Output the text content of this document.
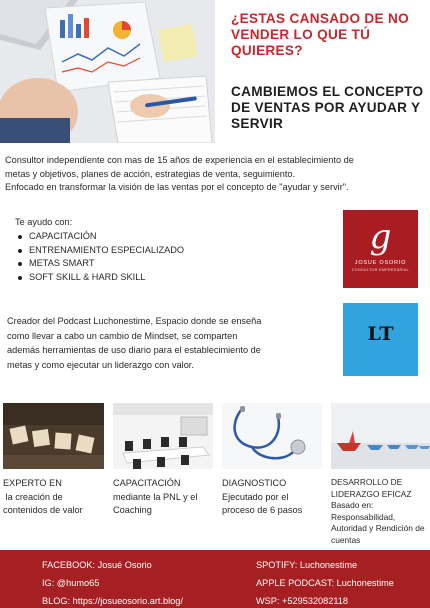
¿ESTAS CANSADO DE NO VENDER LO QUE TÚ QUIERES?
CAMBIEMOS EL CONCEPTO DE VENTAS POR AYUDAR Y SERVIR
Consultor independiente con mas de 15 años de experiencia en el establecimiento de
metas y objetivos, planes de acción, estrategias de venta, seguimiento.
Enfocado en transformar la visión de las ventas por el concepto de "ayudar y servir".
Te ayudo con:
CAPACITACIÓN
ENTRENAMIENTO ESPECIALIZADO
METAS SMART
SOFT SKILL & HARD SKILL
g
JOSUE OSORIO
CONSULTOR EMPRESARIAL
LT
Creador del Podcast Luchonestime, Espacio donde se enseña
como llevar a cabo un cambio de Mindset, se comparten
además herramientas de uso diario para el establecimiento de
metas y como ejecutar un liderazgo con valor.
EXPERTO EN
la creación de
contenidos de valor
CAPACITACIÓN
mediante la PNL y el
Coaching
DIAGNOSTICO
Ejecutado por el
proceso de 6 pasos
DESARROLLO DE
LIDERAZGO EFICAZ
Basado en:
Responsabilidad,
Autoridad y Rendición de
cuentas
FACEBOOK: Josué Osorio
IG: @humo65
BLOG: https://josueosorio.art.blog/
SPOTIFY: Luchonestime
APPLE PODCAST: Luchonestime
WSP: +529532082118
